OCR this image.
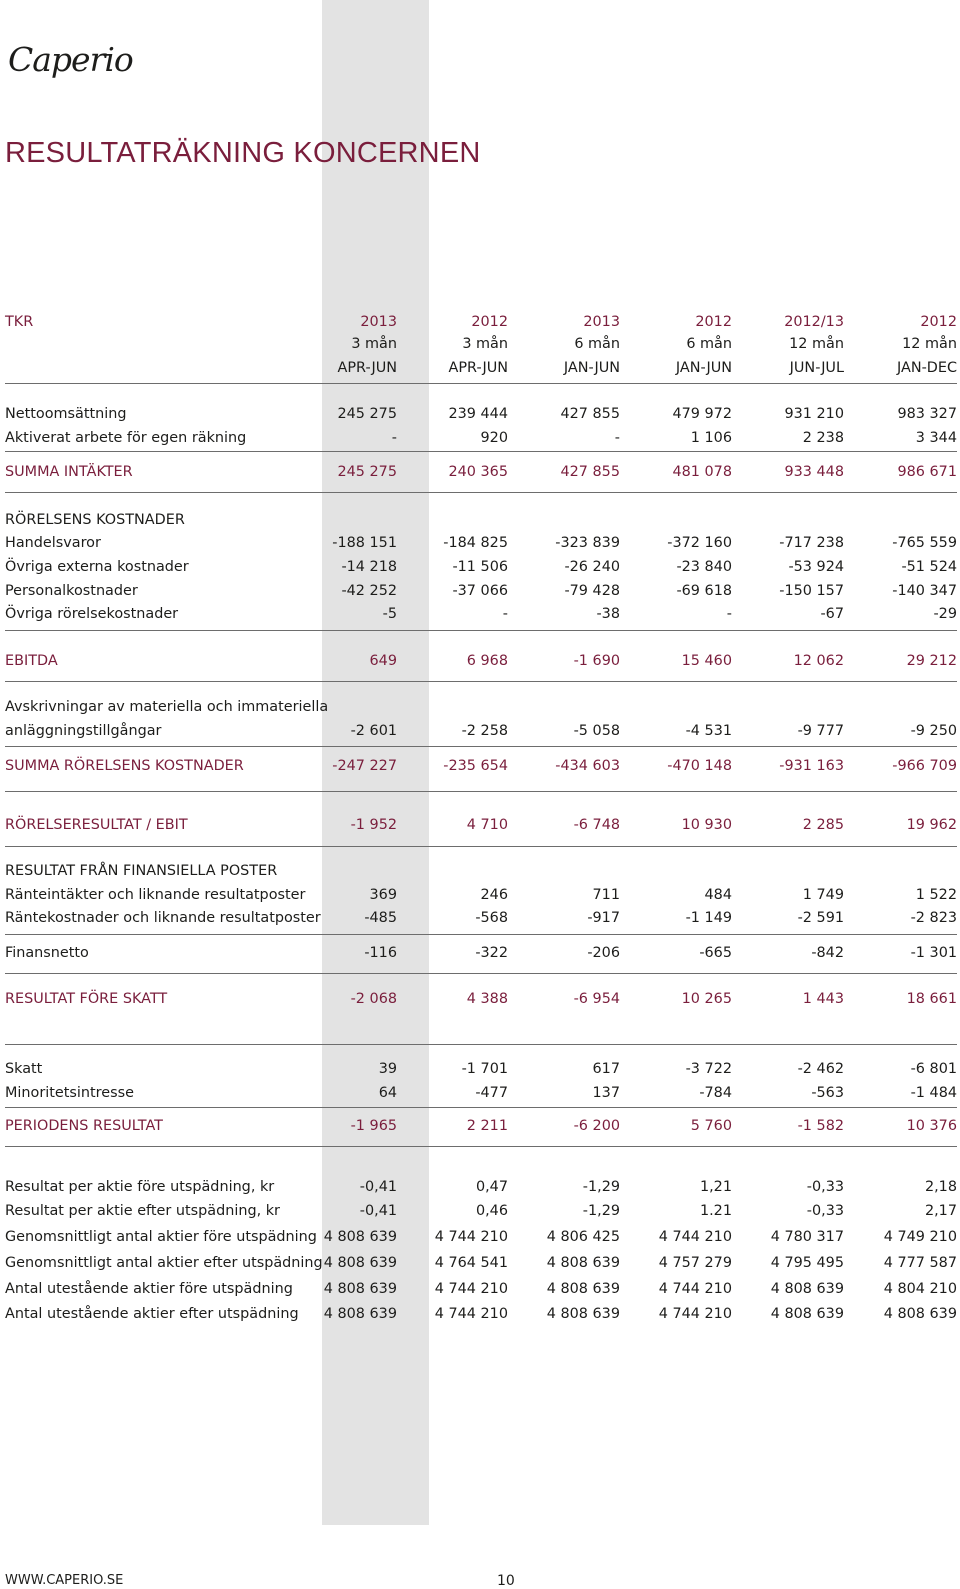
Caperio
RESULTATRÄKNING KONCERNEN
TKR	2013	2012	2013	2012	2012/13	2012
3 mån	3 mån	6 mån	6 mån	12 mån	12 mån
APR-JUN	APR-JUN	JAN-JUN	JAN-JUN	JUN-JUL	JAN-DEC
Nettoomsättning	245 275	239 444	427 855	479 972	931 210	983 327
Aktiverat arbete för egen räkning	-	920	-	1 106	2 238	3 344
SUMMA INTÄKTER	245 275	240 365	427 855	481 078	933 448	986 671
RÖRELSENS KOSTNADER
Handelsvaror	-188 151	-184 825	-323 839	-372 160	-717 238	-765 559
Övriga externa kostnader	-14 218	-11 506	-26 240	-23 840	-53 924	-51 524
Personalkostnader	-42 252	-37 066	-79 428	-69 618	-150 157	-140 347
Övriga rörelsekostnader	-5	-	-38	-	-67	-29
EBITDA	649	6 968	-1 690	15 460	12 062	29 212
Avskrivningar av materiella och immateriella
anläggningstillgångar	-2 601	-2 258	-5 058	-4 531	-9 777	-9 250
SUMMA RÖRELSENS KOSTNADER	-247 227	-235 654	-434 603	-470 148	-931 163	-966 709
RÖRELSERESULTAT / EBIT	-1 952	4 710	-6 748	10 930	2 285	19 962
RESULTAT FRÅN FINANSIELLA POSTER
Ränteintäkter och liknande resultatposter	369	246	711	484	1 749	1 522
Räntekostnader och liknande resultatposter	-485	-568	-917	-1 149	-2 591	-2 823
Finansnetto	-116	-322	-206	-665	-842	-1 301
RESULTAT FÖRE SKATT	-2 068	4 388	-6 954	10 265	1 443	18 661
Skatt	39	-1 701	617	-3 722	-2 462	-6 801
Minoritetsintresse	64	-477	137	-784	-563	-1 484
PERIODENS RESULTAT	-1 965	2 211	-6 200	5 760	-1 582	10 376
Resultat per aktie före utspädning, kr	-0,41	0,47	-1,29	1,21	-0,33	2,18
Resultat per aktie efter utspädning, kr	-0,41	0,46	-1,29	1.21	-0,33	2,17
Genomsnittligt antal aktier före utspädning 4 808 639	4 744 210	4 806 425	4 744 210	4 780 317	4 749 210
Genomsnittligt antal aktier efter utspädning 4 808 639	4 764 541	4 808 639	4 757 279	4 795 495	4 777 587
Antal utestående aktier före utspädning	4 808 639	4 744 210	4 808 639	4 744 210	4 808 639	4 804 210
Antal utestående aktier efter utspädning	4 808 639	4 744 210	4 808 639	4 744 210	4 808 639	4 808 639
WWW.CAPERIO.SE	10
